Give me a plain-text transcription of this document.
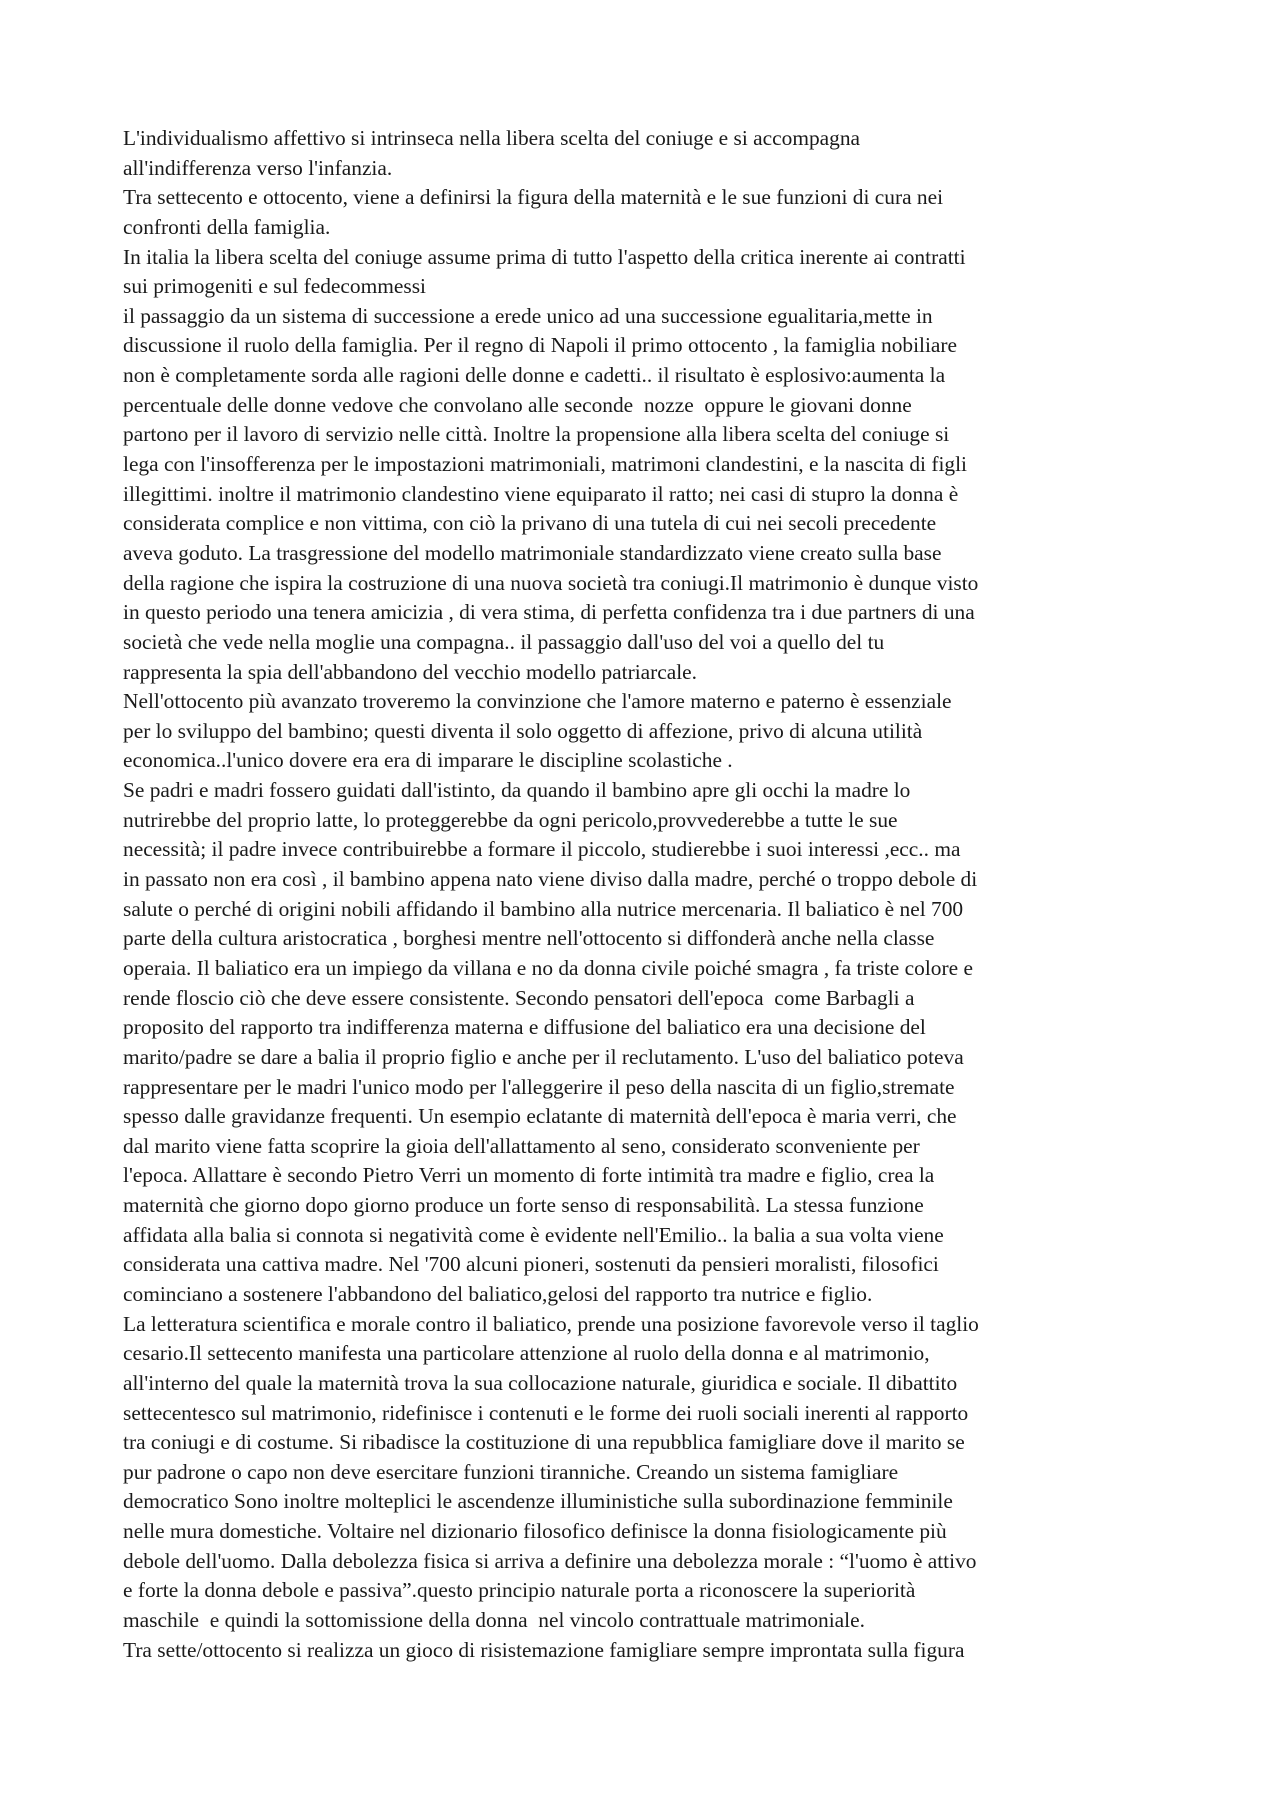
L'individualismo affettivo si intrinseca nella libera scelta del coniuge e si accompagna
all'indifferenza verso l'infanzia.
Tra settecento e ottocento, viene a definirsi la figura della maternità e le sue funzioni di cura nei
confronti della famiglia.
In italia la libera scelta del coniuge assume prima di tutto l'aspetto della critica inerente ai contratti
sui primogeniti e sul fedecommessi
il passaggio da un sistema di successione a erede unico ad una successione egualitaria,mette in
discussione il ruolo della famiglia. Per il regno di Napoli il primo ottocento , la famiglia nobiliare
non è completamente sorda alle ragioni delle donne e cadetti.. il risultato è esplosivo:aumenta la
percentuale delle donne vedove che convolano alle seconde  nozze  oppure le giovani donne
partono per il lavoro di servizio nelle città. Inoltre la propensione alla libera scelta del coniuge si
lega con l'insofferenza per le impostazioni matrimoniali, matrimoni clandestini, e la nascita di figli
illegittimi. inoltre il matrimonio clandestino viene equiparato il ratto; nei casi di stupro la donna è
considerata complice e non vittima, con ciò la privano di una tutela di cui nei secoli precedente
aveva goduto. La trasgressione del modello matrimoniale standardizzato viene creato sulla base
della ragione che ispira la costruzione di una nuova società tra coniugi.Il matrimonio è dunque visto
in questo periodo una tenera amicizia , di vera stima, di perfetta confidenza tra i due partners di una
società che vede nella moglie una compagna.. il passaggio dall'uso del voi a quello del tu
rappresenta la spia dell'abbandono del vecchio modello patriarcale.
Nell'ottocento più avanzato troveremo la convinzione che l'amore materno e paterno è essenziale
per lo sviluppo del bambino; questi diventa il solo oggetto di affezione, privo di alcuna utilità
economica..l'unico dovere era era di imparare le discipline scolastiche .
Se padri e madri fossero guidati dall'istinto, da quando il bambino apre gli occhi la madre lo
nutrirebbe del proprio latte, lo proteggerebbe da ogni pericolo,provvederebbe a tutte le sue
necessità; il padre invece contribuirebbe a formare il piccolo, studierebbe i suoi interessi ,ecc.. ma
in passato non era così , il bambino appena nato viene diviso dalla madre, perché o troppo debole di
salute o perché di origini nobili affidando il bambino alla nutrice mercenaria. Il baliatico è nel 700
parte della cultura aristocratica , borghesi mentre nell'ottocento si diffonderà anche nella classe
operaia. Il baliatico era un impiego da villana e no da donna civile poiché smagra , fa triste colore e
rende floscio ciò che deve essere consistente. Secondo pensatori dell'epoca  come Barbagli a
proposito del rapporto tra indifferenza materna e diffusione del baliatico era una decisione del
marito/padre se dare a balia il proprio figlio e anche per il reclutamento. L'uso del baliatico poteva
rappresentare per le madri l'unico modo per l'alleggerire il peso della nascita di un figlio,stremate
spesso dalle gravidanze frequenti. Un esempio eclatante di maternità dell'epoca è maria verri, che
dal marito viene fatta scoprire la gioia dell'allattamento al seno, considerato sconveniente per
l'epoca. Allattare è secondo Pietro Verri un momento di forte intimità tra madre e figlio, crea la
maternità che giorno dopo giorno produce un forte senso di responsabilità. La stessa funzione
affidata alla balia si connota si negatività come è evidente nell'Emilio.. la balia a sua volta viene
considerata una cattiva madre. Nel '700 alcuni pioneri, sostenuti da pensieri moralisti, filosofici
cominciano a sostenere l'abbandono del baliatico,gelosi del rapporto tra nutrice e figlio.
La letteratura scientifica e morale contro il baliatico, prende una posizione favorevole verso il taglio
cesario.Il settecento manifesta una particolare attenzione al ruolo della donna e al matrimonio,
all'interno del quale la maternità trova la sua collocazione naturale, giuridica e sociale. Il dibattito
settecentesco sul matrimonio, ridefinisce i contenuti e le forme dei ruoli sociali inerenti al rapporto
tra coniugi e di costume. Si ribadisce la costituzione di una repubblica famigliare dove il marito se
pur padrone o capo non deve esercitare funzioni tiranniche. Creando un sistema famigliare
democratico Sono inoltre molteplici le ascendenze illuministiche sulla subordinazione femminile
nelle mura domestiche. Voltaire nel dizionario filosofico definisce la donna fisiologicamente più
debole dell'uomo. Dalla debolezza fisica si arriva a definire una debolezza morale : “l'uomo è attivo
e forte la donna debole e passiva”.questo principio naturale porta a riconoscere la superiorità
maschile  e quindi la sottomissione della donna  nel vincolo contrattuale matrimoniale.
Tra sette/ottocento si realizza un gioco di risistemazione famigliare sempre improntata sulla figura
